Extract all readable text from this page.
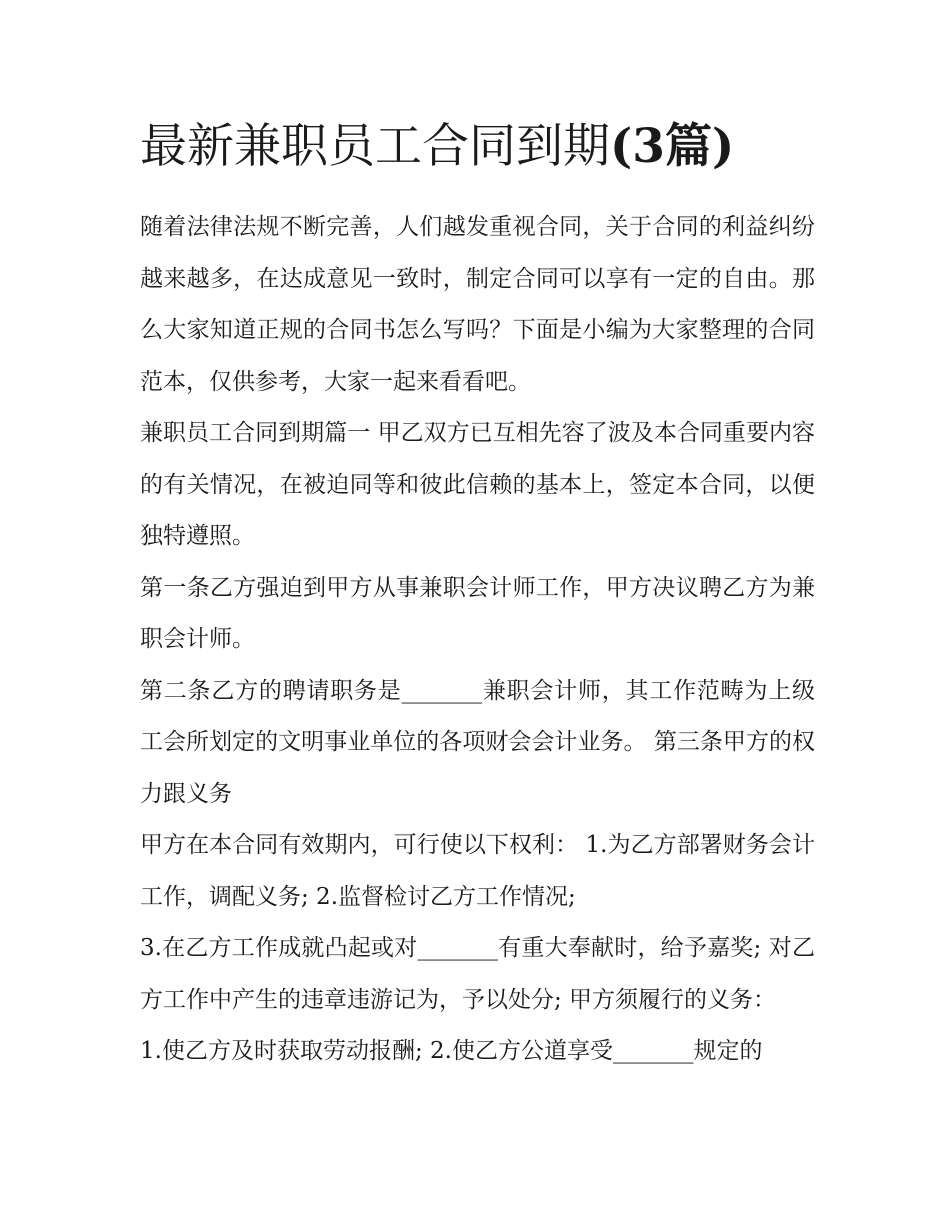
最新兼职员工合同到期(3篇)

随着法律法规不断完善，人们越发重视合同，关于合同的利益纠纷越来越多，在达成意见一致时，制定合同可以享有一定的自由。那么大家知道正规的合同书怎么写吗？下面是小编为大家整理的合同范本，仅供参考，大家一起来看看吧。

兼职员工合同到期篇一 甲乙双方已互相先容了波及本合同重要内容的有关情况，在被迫同等和彼此信赖的基本上，签定本合同，以便独特遵照。

第一条乙方强迫到甲方从事兼职会计师工作，甲方决议聘乙方为兼职会计师。

第二条乙方的聘请职务是_______兼职会计师，其工作范畴为上级工会所划定的文明事业单位的各项财会会计业务。 第三条甲方的权力跟义务

甲方在本合同有效期内，可行使以下权利： 1.为乙方部署财务会计工作，调配义务; 2.监督检讨乙方工作情况;

3.在乙方工作成就凸起或对_______有重大奉献时，给予嘉奖; 对乙方工作中产生的违章违游记为，予以处分; 甲方须履行的义务：

1.使乙方及时获取劳动报酬; 2.使乙方公道享受_______规定的
